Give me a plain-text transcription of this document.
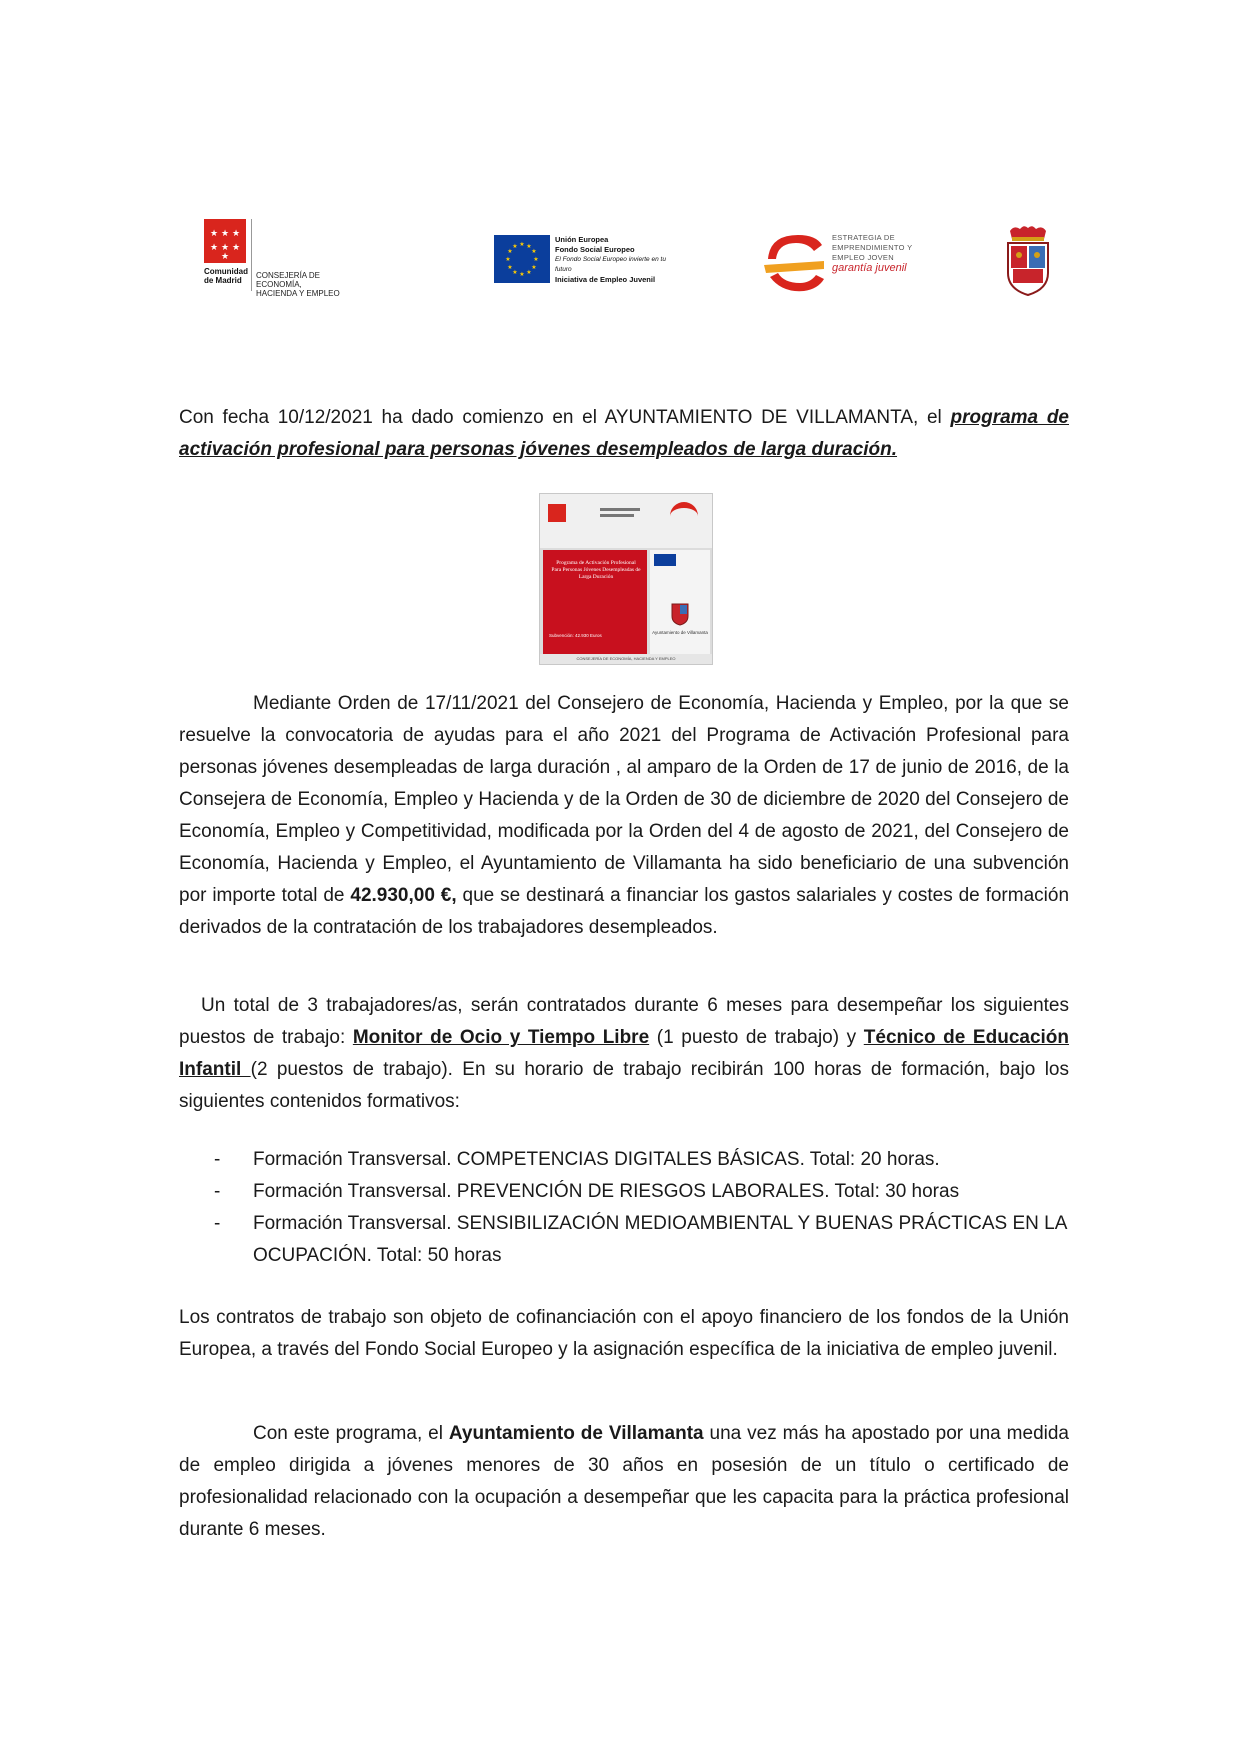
★ ★ ★
★ ★ ★
★
Comunidad
de Madrid
CONSEJERÍA DE ECONOMÍA,
HACIENDA Y EMPLEO
★ ★
★
★
★
★
★
★
★
★
★
★
Unión Europea
Fondo Social Europeo
El Fondo Social Europeo invierte en tu futuro
Iniciativa de Empleo Juvenil
ESTRATEGIA DE
EMPRENDIMIENTO Y
EMPLEO JOVEN
garantía juvenil

Con fecha 10/12/2021 ha dado comienzo en el AYUNTAMIENTO DE VILLAMANTA, el programa de activación profesional para personas jóvenes desempleados de larga duración.

Programa de Activación Profesional Para Personas Jóvenes Desempleadas de Larga Duración
Subvención: 42.930 Euros
Ayuntamiento de Villamanta
CONSEJERÍA DE ECONOMÍA, HACIENDA Y EMPLEO

Mediante Orden de 17/11/2021 del Consejero de Economía, Hacienda y Empleo, por la que se resuelve la convocatoria de ayudas para el año 2021 del Programa de Activación Profesional para personas jóvenes desempleadas de larga duración , al amparo de la Orden de 17 de junio de 2016, de la Consejera de Economía, Empleo y Hacienda y de la Orden de 30 de diciembre de 2020 del Consejero de Economía, Empleo y Competitividad, modificada por la Orden del 4 de agosto de 2021, del Consejero de Economía, Hacienda y Empleo, el Ayuntamiento de Villamanta ha sido beneficiario de una subvención por importe total de 42.930,00 €, que se destinará a financiar los gastos salariales y costes de formación derivados de la contratación de los trabajadores desempleados.

Un total de 3 trabajadores/as, serán contratados durante 6 meses para desempeñar los siguientes puestos de trabajo: Monitor de Ocio y Tiempo Libre (1 puesto de trabajo) y Técnico de Educación Infantil (2 puestos de trabajo). En su horario de trabajo recibirán 100 horas de formación, bajo los siguientes contenidos formativos:

- Formación Transversal. COMPETENCIAS DIGITALES BÁSICAS. Total: 20 horas.
- Formación Transversal. PREVENCIÓN DE RIESGOS LABORALES. Total: 30 horas
- Formación Transversal. SENSIBILIZACIÓN MEDIOAMBIENTAL Y BUENAS PRÁCTICAS EN LA OCUPACIÓN. Total: 50 horas

Los contratos de trabajo son objeto de cofinanciación con el apoyo financiero de los fondos de la Unión Europea, a través del Fondo Social Europeo y la asignación específica de la iniciativa de empleo juvenil.

Con este programa, el Ayuntamiento de Villamanta una vez más ha apostado por una medida de empleo dirigida a jóvenes menores de 30 años en posesión de un título o certificado de profesionalidad relacionado con la ocupación a desempeñar que les capacita para la práctica profesional durante 6 meses.
